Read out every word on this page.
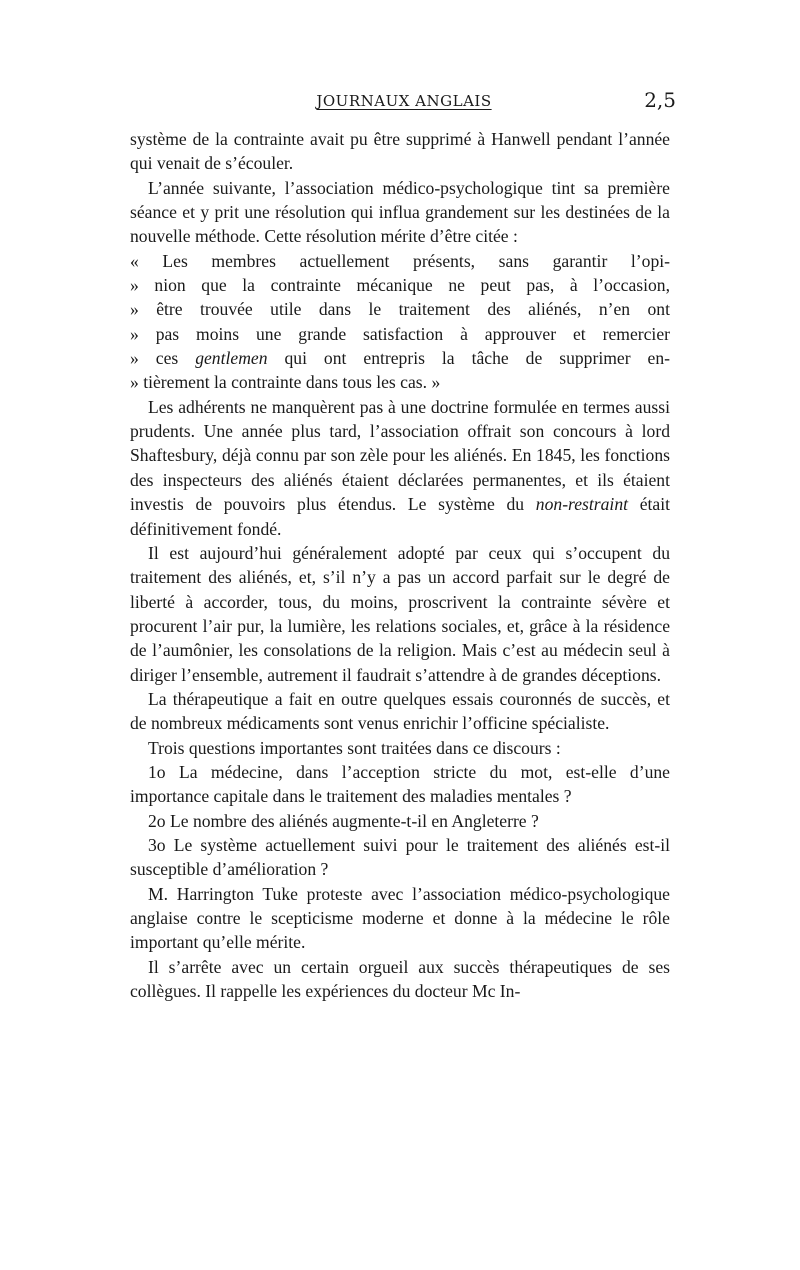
JOURNAUX ANGLAIS	2,5

système de la contrainte avait pu être supprimé à Hanwell pendant l’année qui venait de s’écouler.

L’année suivante, l’association médico-psychologique tint sa première séance et y prit une résolution qui influa grandement sur les destinées de la nouvelle méthode. Cette résolution mérite d’être citée :

« Les membres actuellement présents, sans garantir l’opi-

» nion que la contrainte mécanique ne peut pas, à l’occasion,

» être trouvée utile dans le traitement des aliénés, n’en ont

» pas moins une grande satisfaction à approuver et remercier

» ces gentlemen qui ont entrepris la tâche de supprimer en-

» tièrement la contrainte dans tous les cas. »

Les adhérents ne manquèrent pas à une doctrine formulée en termes aussi prudents. Une année plus tard, l’association offrait son concours à lord Shaftesbury, déjà connu par son zèle pour les aliénés. En 1845, les fonctions des inspecteurs des aliénés étaient déclarées permanentes, et ils étaient investis de pouvoirs plus étendus. Le système du non-restraint était définitivement fondé.

Il est aujourd’hui généralement adopté par ceux qui s’occupent du traitement des aliénés, et, s’il n’y a pas un accord parfait sur le degré de liberté à accorder, tous, du moins, proscrivent la contrainte sévère et procurent l’air pur, la lumière, les relations sociales, et, grâce à la résidence de l’aumônier, les consolations de la religion. Mais c’est au médecin seul à diriger l’ensemble, autrement il faudrait s’attendre à de grandes déceptions.

La thérapeutique a fait en outre quelques essais couronnés de succès, et de nombreux médicaments sont venus enrichir l’officine spécialiste.

Trois questions importantes sont traitées dans ce discours :

1o La médecine, dans l’acception stricte du mot, est-elle d’une importance capitale dans le traitement des maladies mentales ?

2o Le nombre des aliénés augmente-t-il en Angleterre ?

3o Le système actuellement suivi pour le traitement des aliénés est-il susceptible d’amélioration ?

M. Harrington Tuke proteste avec l’association médico-psychologique anglaise contre le scepticisme moderne et donne à la médecine le rôle important qu’elle mérite.

Il s’arrête avec un certain orgueil aux succès thérapeutiques de ses collègues. Il rappelle les expériences du docteur Mc In-
